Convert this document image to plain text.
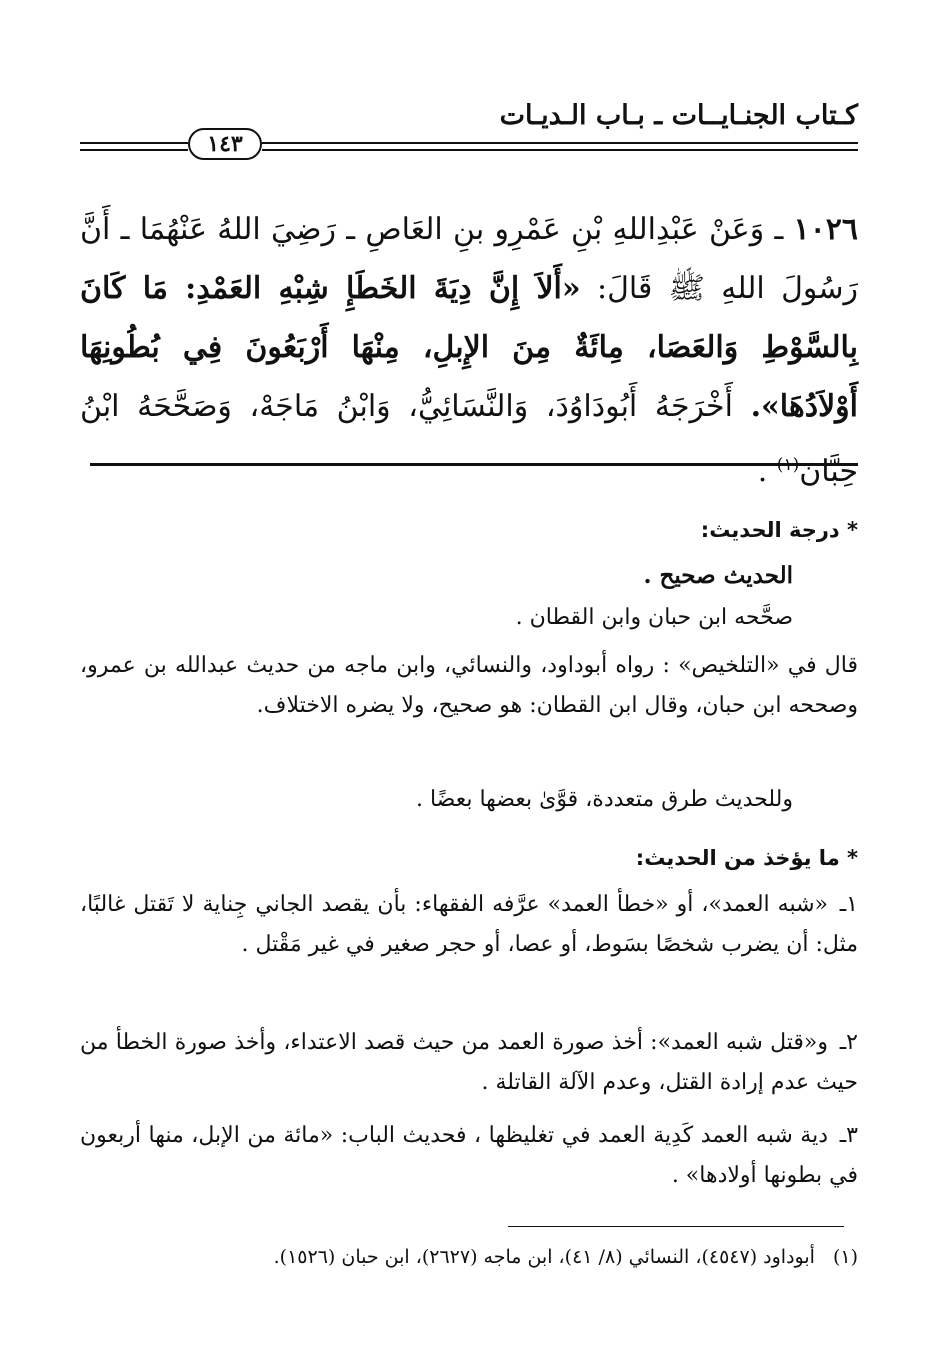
كـتاب الجنـايــات ـ بـاب الـديـات
١٤٣
١٠٢٦ ـ وَعَنْ عَبْدِاللهِ بْنِ عَمْرِو بنِ العَاصِ ـ رَضِيَ اللهُ عَنْهُمَا ـ أَنَّ رَسُولَ اللهِ ﷺ قَالَ: «أَلاَ إِنَّ دِيَةَ الخَطَإِ شِبْهِ العَمْدِ: مَا كَانَ بِالسَّوْطِ وَالعَصَا، مِائَةٌ مِنَ الإِبلِ، مِنْهَا أَرْبَعُونَ فِي بُطُونِهَا أَوْلاَدُهَا». أَخْرَجَهُ أَبُودَاوُدَ، وَالنَّسَائِيُّ، وَابْنُ مَاجَهْ، وَصَحَّحَهُ ابْنُ حِبَّانَ$^{(١)}$ .
* درجة الحديث:
الحديث صحيح .
صحَّحه ابن حبان وابن القطان .
قال في «التلخيص» : رواه أبوداود، والنسائي، وابن ماجه من حديث عبدالله بن عمرو، وصححه ابن حبان، وقال ابن القطان: هو صحيح، ولا يضره الاختلاف.
وللحديث طرق متعددة، قوَّىٰ بعضها بعضًا .
* ما يؤخذ من الحديث:
١ـ«شبه العمد»، أو «خطأ العمد» عرَّفه الفقهاء: بأن يقصد الجاني جِناية لا تَقتل غالبًا، مثل: أن يضرب شخصًا بسَوط، أو عصا، أو حجر صغير في غير مَقْتل .
٢ـو«قتل شبه العمد»: أخذ صورة العمد من حيث قصد الاعتداء، وأخذ صورة الخطأ من حيث عدم إرادة القتل، وعدم الآلة القاتلة .
٣ـدية شبه العمد كَدِية العمد في تغليظها ، فحديث الباب: «مائة من الإبل، منها أربعون في بطونها أولادها» .
(١)أبوداود (٤٥٤٧)، النسائي (٨/ ٤١)، ابن ماجه (٢٦٢٧)، ابن حبان (١٥٢٦).
